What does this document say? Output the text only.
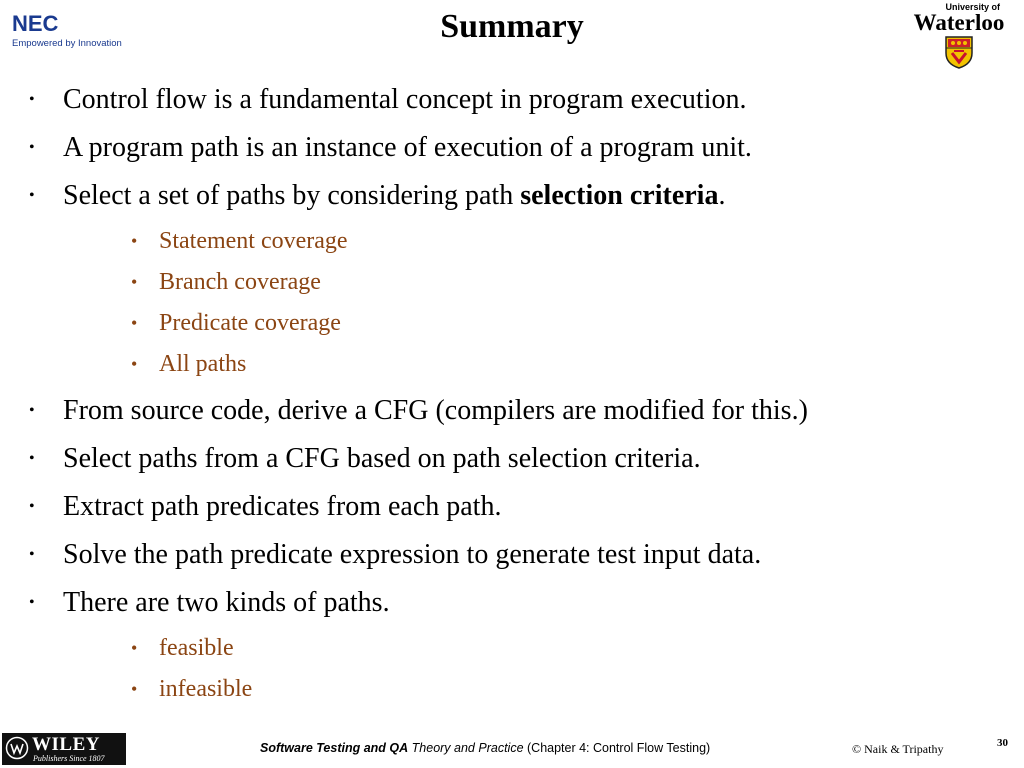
NEC
Empowered by Innovation
University of
Waterloo
Summary
• Control flow is a fundamental concept in program execution.
• A program path is an instance of execution of a program unit.
• Select a set of paths by considering path selection criteria.
• Statement coverage
• Branch coverage
• Predicate coverage
• All paths
• From source code, derive a CFG (compilers are modified for this.)
• Select paths from a CFG based on path selection criteria.
• Extract path predicates from each path.
• Solve the path predicate expression to generate test input data.
• There are two kinds of paths.
• feasible
• infeasible
WILEY
Publishers Since 1807
Software Testing and QA Theory and Practice (Chapter 4: Control Flow Testing)	© Naik & Tripathy	30
